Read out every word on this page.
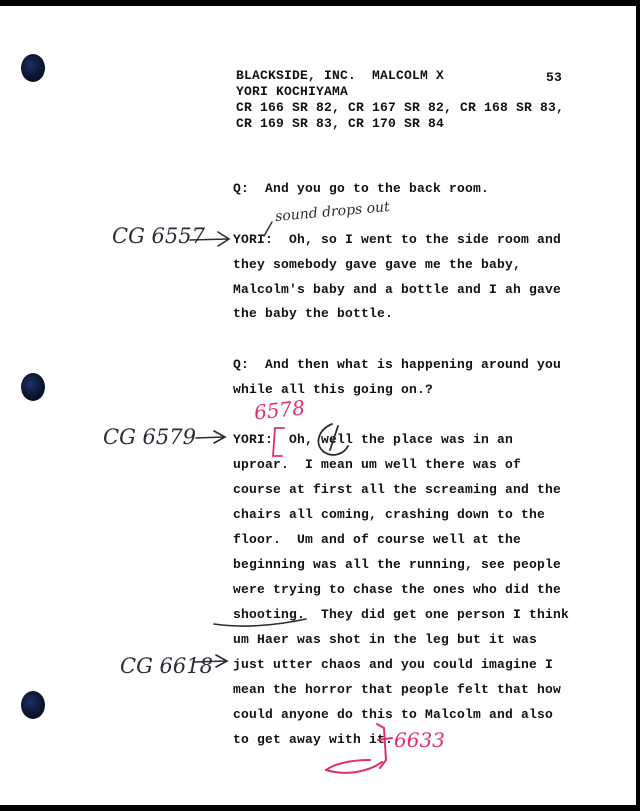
BLACKSIDE, INC.  MALCOLM X
YORI KOCHIYAMA
CR 166 SR 82, CR 167 SR 82, CR 168 SR 83,
CR 169 SR 83, CR 170 SR 84
53
Q:  And you go to the back room.
YORI:  Oh, so I went to the side room and
they somebody gave gave me the baby,
Malcolm's baby and a bottle and I ah gave
the baby the bottle.
Q:  And then what is happening around you
while all this going on.?
YORI:  Oh, well the place was in an
uproar.  I mean um well there was of
course at first all the screaming and the
chairs all coming, crashing down to the
floor.  Um and of course well at the
beginning was all the running, see people
were trying to chase the ones who did the
shooting.  They did get one person I think
um Haer was shot in the leg but it was
just utter chaos and you could imagine I
mean the horror that people felt that how
could anyone do this to Malcolm and also
to get away with it.
CG 6557
sound drops out
CG 6579
6578
CG 6618
6633
